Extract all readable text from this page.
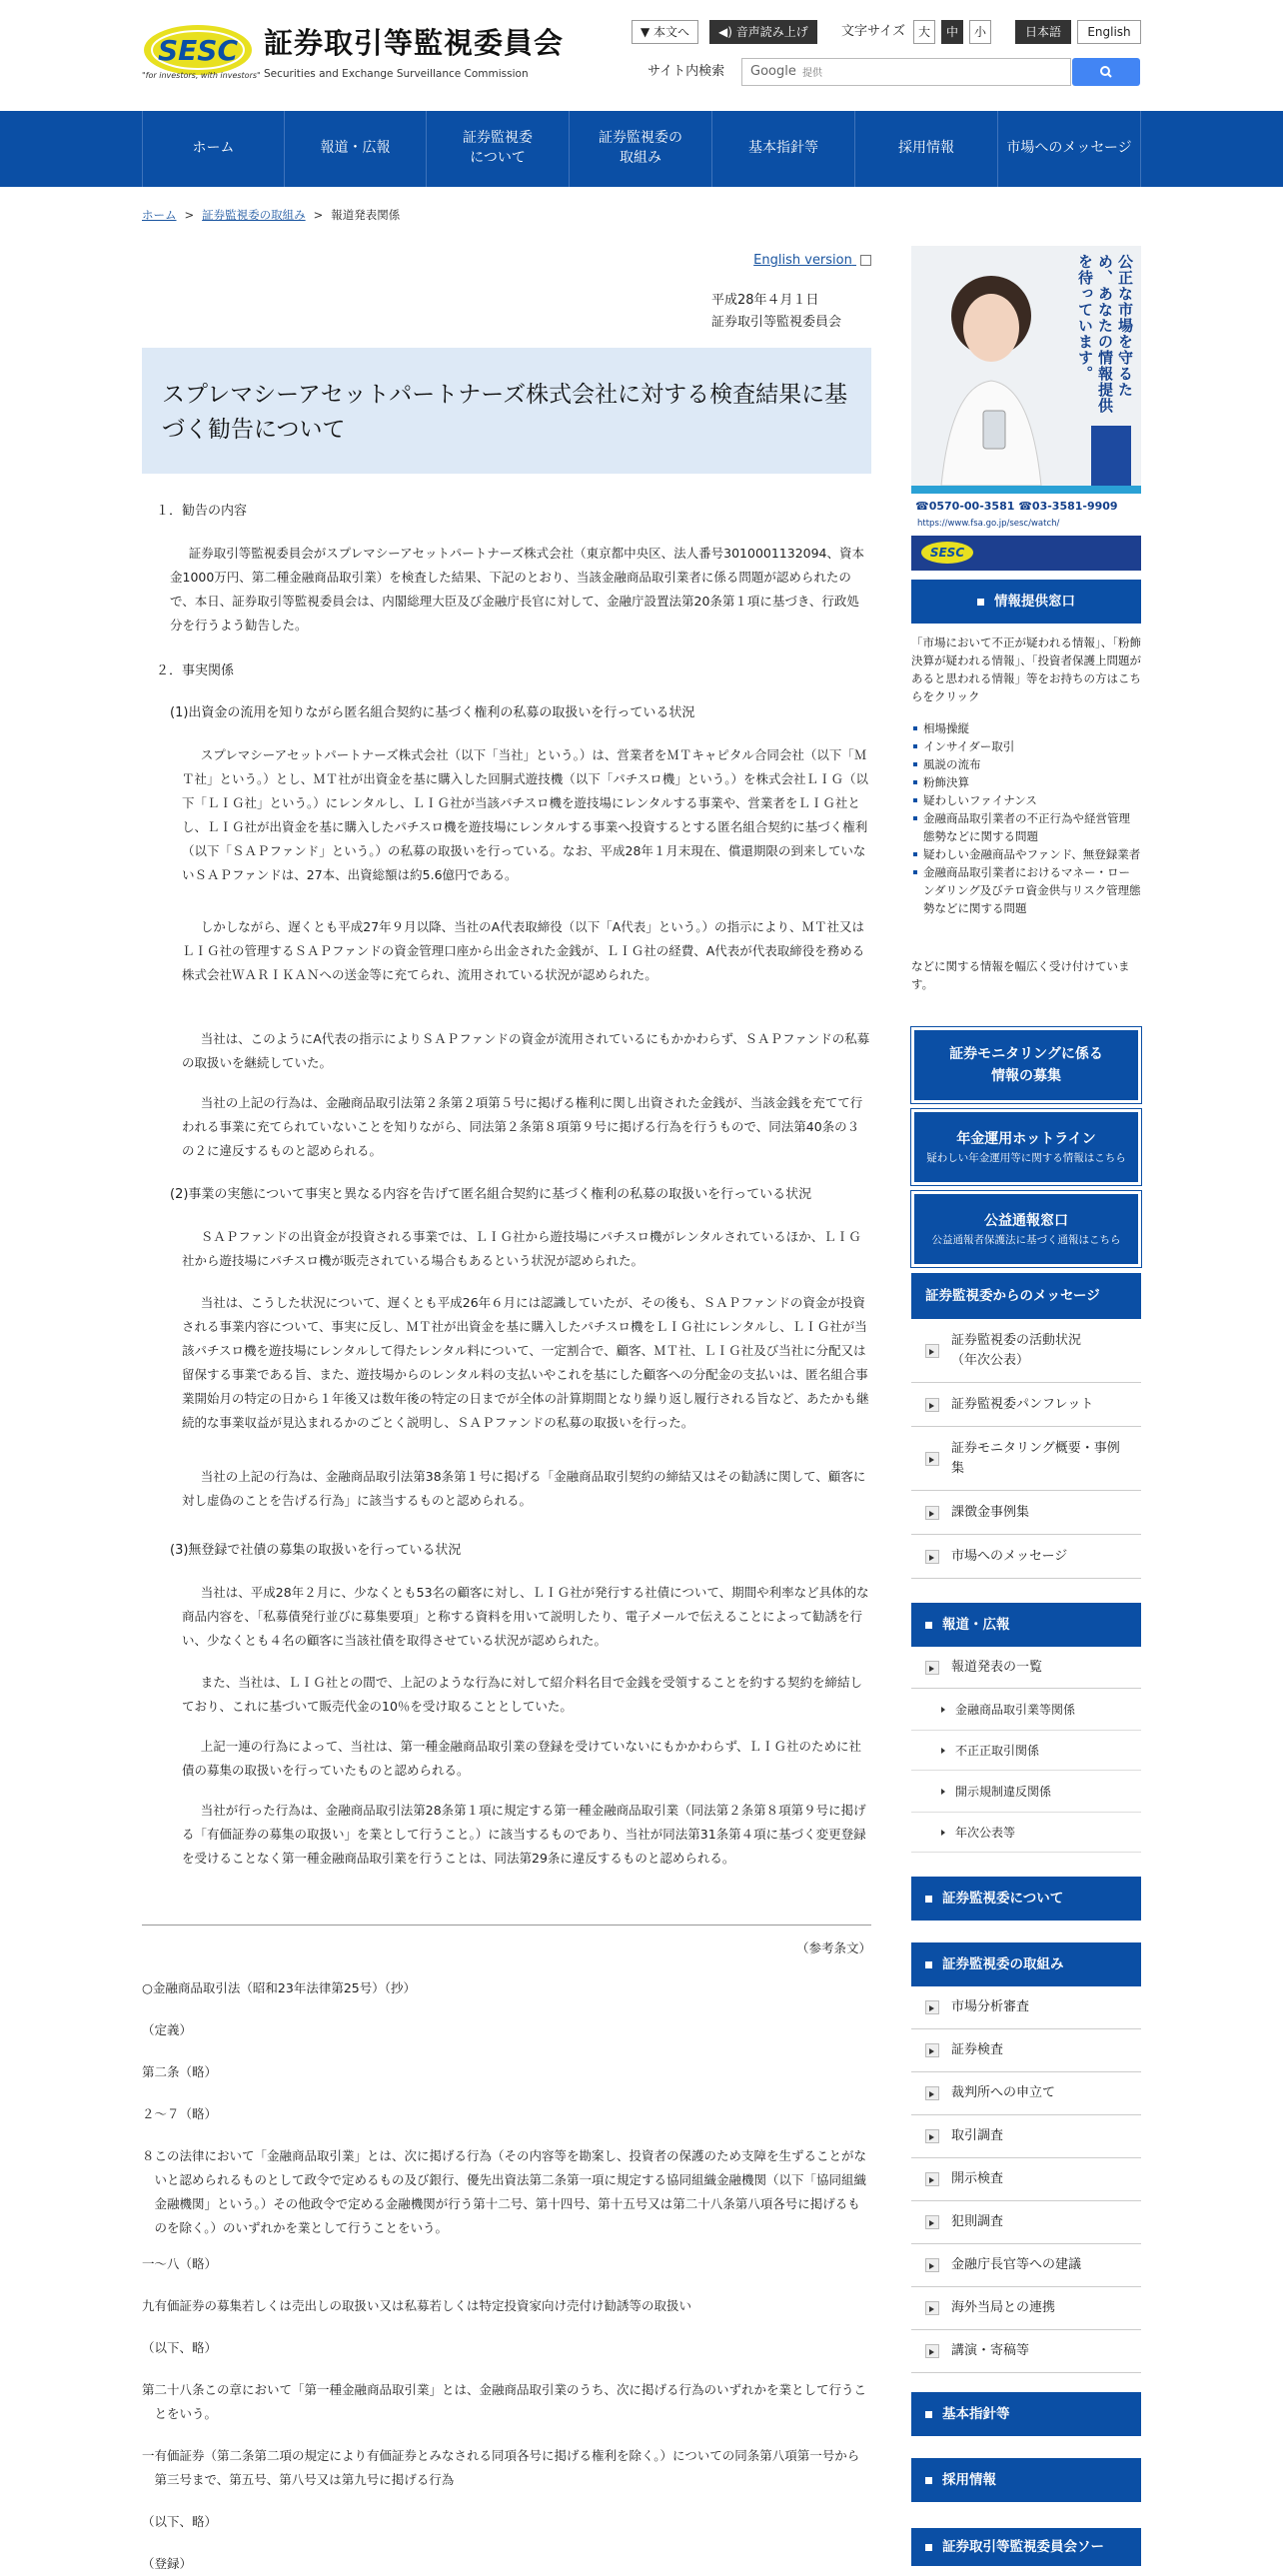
SESC
"for investors, with investors"
証券取引等監視委員会
Securities and Exchange Surveillance Commission
▼ 本文へ	◀) 音声読み上げ	文字サイズ	大	中	小	日本語	English
サイト内検索 Google
提供
ホーム	報道・広報
証券監視委
について
証券監視委の
取組み
基本指針等	採用情報	市場へのメッセージ
ホーム > 証券監視委の取組み > 報道発表関係
English version
平成28年４月１日
証券取引等監視委員会
スプレマシーアセットパートナーズ株式会社に対する検査結果に基づく勧告について
１．勧告の内容
証券取引等監視委員会がスプレマシーアセットパートナーズ株式会社（東京都中央区、法人番号3010001132094、資本金1000万円、第二種金融商品取引業）を検査した結果、下記のとおり、当該金融商品取引業者に係る問題が認められたので、本日、証券取引等監視委員会は、内閣総理大臣及び金融庁長官に対して、金融庁設置法第20条第１項に基づき、行政処分を行うよう勧告した。
２．事実関係
(1)出資金の流用を知りながら匿名組合契約に基づく権利の私募の取扱いを行っている状況
スプレマシーアセットパートナーズ株式会社（以下「当社」という。）は、営業者をＭＴキャピタル合同会社（以下「ＭＴ社」という。）とし、ＭＴ社が出資金を基に購入した回胴式遊技機（以下「パチスロ機」という。）を株式会社ＬＩＧ（以下「ＬＩＧ社」という。）にレンタルし、ＬＩＧ社が当該パチスロ機を遊技場にレンタルする事業や、営業者をＬＩＧ社とし、ＬＩＧ社が出資金を基に購入したパチスロ機を遊技場にレンタルする事業へ投資するとする匿名組合契約に基づく権利（以下「ＳＡＰファンド」という。）の私募の取扱いを行っている。なお、平成28年１月末現在、償還期限の到来していないＳＡＰファンドは、27本、出資総額は約5.6億円である。
しかしながら、遅くとも平成27年９月以降、当社のA代表取締役（以下「A代表」という。）の指示により、ＭＴ社又はＬＩＧ社の管理するＳＡＰファンドの資金管理口座から出金された金銭が、ＬＩＧ社の経費、A代表が代表取締役を務める株式会社ＷＡＲＩＫＡＮへの送金等に充てられ、流用されている状況が認められた。
当社は、このようにA代表の指示によりＳＡＰファンドの資金が流用されているにもかかわらず、ＳＡＰファンドの私募の取扱いを継続していた。
当社の上記の行為は、金融商品取引法第２条第２項第５号に掲げる権利に関し出資された金銭が、当該金銭を充てて行われる事業に充てられていないことを知りながら、同法第２条第８項第９号に掲げる行為を行うもので、同法第40条の３の２に違反するものと認められる。
(2)事業の実態について事実と異なる内容を告げて匿名組合契約に基づく権利の私募の取扱いを行っている状況
ＳＡＰファンドの出資金が投資される事業では、ＬＩＧ社から遊技場にパチスロ機がレンタルされているほか、ＬＩＧ社から遊技場にパチスロ機が販売されている場合もあるという状況が認められた。
当社は、こうした状況について、遅くとも平成26年６月には認識していたが、その後も、ＳＡＰファンドの資金が投資される事業内容について、事実に反し、ＭＴ社が出資金を基に購入したパチスロ機をＬＩＧ社にレンタルし、ＬＩＧ社が当該パチスロ機を遊技場にレンタルして得たレンタル料について、一定割合で、顧客、ＭＴ社、ＬＩＧ社及び当社に分配又は留保する事業である旨、また、遊技場からのレンタル料の支払いやこれを基にした顧客への分配金の支払いは、匿名組合事業開始月の特定の日から１年後又は数年後の特定の日までが全体の計算期間となり繰り返し履行される旨など、あたかも継続的な事業収益が見込まれるかのごとく説明し、ＳＡＰファンドの私募の取扱いを行った。
当社の上記の行為は、金融商品取引法第38条第１号に掲げる「金融商品取引契約の締結又はその勧誘に関して、顧客に対し虚偽のことを告げる行為」に該当するものと認められる。
(3)無登録で社債の募集の取扱いを行っている状況
当社は、平成28年２月に、少なくとも53名の顧客に対し、ＬＩＧ社が発行する社債について、期間や利率など具体的な商品内容を、「私募債発行並びに募集要項」と称する資料を用いて説明したり、電子メールで伝えることによって勧誘を行い、少なくとも４名の顧客に当該社債を取得させている状況が認められた。
また、当社は、ＬＩＧ社との間で、上記のような行為に対して紹介料名目で金銭を受領することを約する契約を締結しており、これに基づいて販売代金の10％を受け取ることとしていた。
上記一連の行為によって、当社は、第一種金融商品取引業の登録を受けていないにもかかわらず、ＬＩＧ社のために社債の募集の取扱いを行っていたものと認められる。
当社が行った行為は、金融商品取引法第28条第１項に規定する第一種金融商品取引業（同法第２条第８項第９号に掲げる「有価証券の募集の取扱い」を業として行うこと。）に該当するものであり、当社が同法第31条第４項に基づく変更登録を受けることなく第一種金融商品取引業を行うことは、同法第29条に違反するものと認められる。
（参考条文）
○金融商品取引法（昭和23年法律第25号）（抄）
（定義）
第二条（略）
２～７（略）
８この法律において「金融商品取引業」とは、次に掲げる行為（その内容等を勘案し、投資者の保護のため支障を生ずることがないと認められるものとして政令で定めるもの及び銀行、優先出資法第二条第一項に規定する協同組織金融機関（以下「協同組織金融機関」という。）その他政令で定める金融機関が行う第十二号、第十四号、第十五号又は第二十八条第八項各号に掲げるものを除く。）のいずれかを業として行うことをいう。
一～八（略）
九有価証券の募集若しくは売出しの取扱い又は私募若しくは特定投資家向け売付け勧誘等の取扱い
（以下、略）
第二十八条この章において「第一種金融商品取引業」とは、金融商品取引業のうち、次に掲げる行為のいずれかを業として行うことをいう。
一有価証券（第二条第二項の規定により有価証券とみなされる同項各号に掲げる権利を除く。）についての同条第八項第一号から第三号まで、第五号、第八号又は第九号に掲げる行為
（以下、略）
（登録）
公正な市場を守るため、あなたの情報提供を待っています。
☎0570-00-3581 ☎03-3581-9909
https://www.fsa.go.jp/sesc/watch/
SESC
情報提供窓口
「市場において不正が疑われる情報」、「粉飾決算が疑われる情報」、「投資者保護上問題があると思われる情報」等をお持ちの方はこちらをクリック
相場操縦
インサイダー取引
風説の流布
粉飾決算
疑わしいファイナンス
金融商品取引業者の不正行為や経営管理態勢などに関する問題
疑わしい金融商品やファンド、無登録業者
金融商品取引業者におけるマネー・ローンダリング及びテロ資金供与リスク管理態勢などに関する問題
などに関する情報を幅広く受け付けています。
証券モニタリングに係る情報の募集
年金運用ホットライン
疑わしい年金運用等に関する情報はこちら
公益通報窓口
公益通報者保護法に基づく通報はこちら
証券監視委からのメッセージ
証券監視委の活動状況
（年次公表）
証券監視委パンフレット
証券モニタリング概要・事例集
課徴金事例集
市場へのメッセージ
報道・広報
報道発表の一覧
金融商品取引業等関係
不正正取引関係
開示規制違反関係
年次公表等
証券監視委について
証券監視委の取組み
市場分析審査
証券検査
裁判所への申立て
取引調査
開示検査
犯則調査
金融庁長官等への建議
海外当局との連携
講演・寄稿等
基本指針等
採用情報
証券取引等監視委員会ソー
